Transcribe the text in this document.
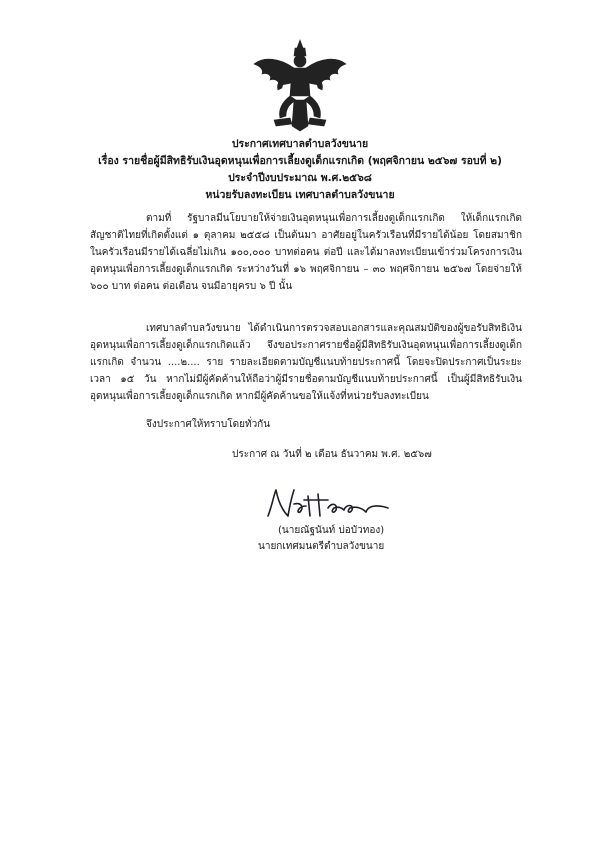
ประกาศเทศบาลตำบลวังขนาย
เรื่อง รายชื่อผู้มีสิทธิรับเงินอุดหนุนเพื่อการเลี้ยงดูเด็กแรกเกิด (พฤศจิกายน ๒๕๖๗ รอบที่ ๒)
ประจำปีงบประมาณ พ.ศ.๒๕๖๘
หน่วยรับลงทะเบียน เทศบาลตำบลวังขนาย

ตามที่ รัฐบาลมีนโยบายให้จ่ายเงินอุดหนุนเพื่อการเลี้ยงดูเด็กแรกเกิด ให้เด็กแรกเกิดสัญชาติไทยที่เกิดตั้งแต่ ๑ ตุลาคม ๒๕๕๘ เป็นต้นมา อาศัยอยู่ในครัวเรือนที่มีรายได้น้อย โดยสมาชิกในครัวเรือนมีรายได้เฉลี่ยไม่เกิน ๑๐๐,๐๐๐ บาทต่อคน ต่อปี และได้มาลงทะเบียนเข้าร่วมโครงการเงินอุดหนุนเพื่อการเลี้ยงดูเด็กแรกเกิด ระหว่างวันที่ ๑๖ พฤศจิกายน – ๓๐ พฤศจิกายน ๒๕๖๗ โดยจ่ายให้ ๖๐๐ บาท ต่อคน ต่อเดือน จนมีอายุครบ ๖ ปี นั้น

เทศบาลตำบลวังขนาย ได้ดำเนินการตรวจสอบเอกสารและคุณสมบัติของผู้ขอรับสิทธิเงินอุดหนุนเพื่อการเลี้ยงดูเด็กแรกเกิดแล้ว จึงขอประกาศรายชื่อผู้มีสิทธิรับเงินอุดหนุนเพื่อการเลี้ยงดูเด็กแรกเกิด จำนวน ....๒.... ราย รายละเอียดตามบัญชีแนบท้ายประกาศนี้ โดยจะปิดประกาศเป็นระยะเวลา ๑๕ วัน หากไม่มีผู้คัดค้านให้ถือว่าผู้มีรายชื่อตามบัญชีแนบท้ายประกาศนี้ เป็นผู้มีสิทธิรับเงินอุดหนุนเพื่อการเลี้ยงดูเด็กแรกเกิด หากมีผู้คัดค้านขอให้แจ้งที่หน่วยรับลงทะเบียน

จึงประกาศให้ทราบโดยทั่วกัน
ประกาศ ณ วันที่ ๒ เดือน ธันวาคม พ.ศ. ๒๕๖๗
(นายณัฐนันท์ บ่อบัวทอง)
นายกเทศมนตรีตำบลวังขนาย
